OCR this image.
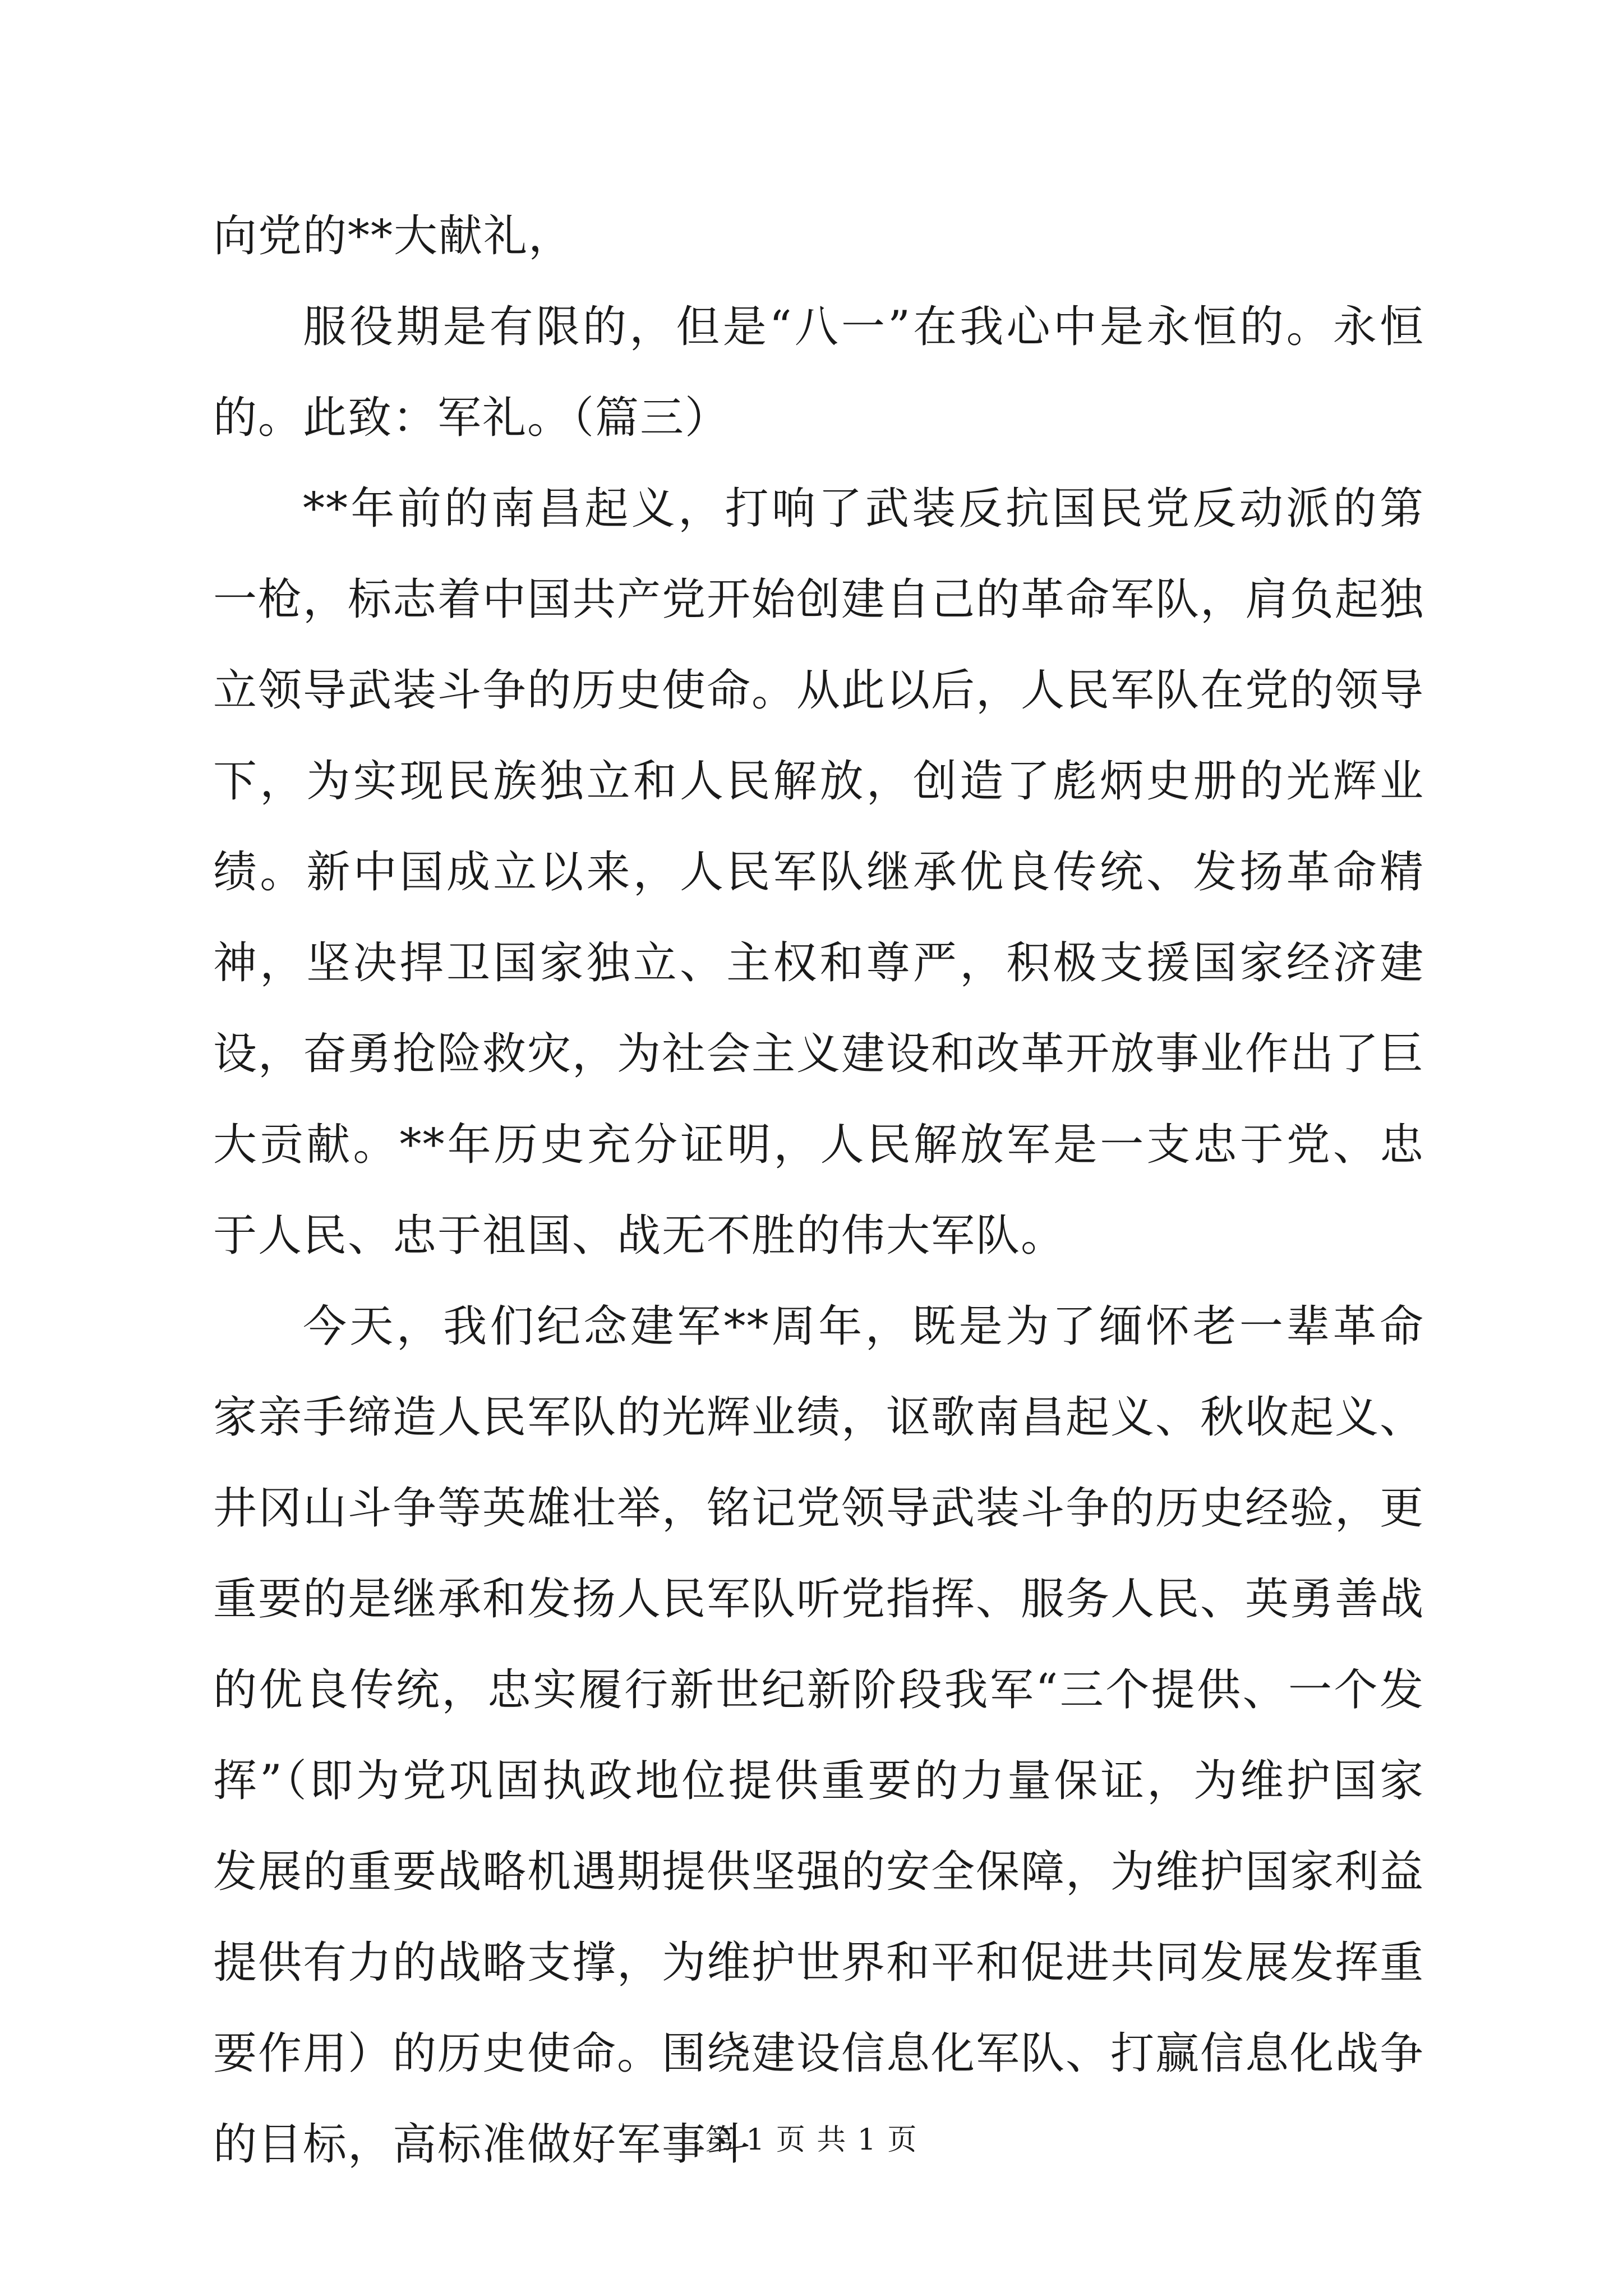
向党的**大献礼，

服役期是有限的，但是“八一”在我心中是永恒的。永恒的。此致：军礼。（篇三）

**年前的南昌起义，打响了武装反抗国民党反动派的第一枪，标志着中国共产党开始创建自己的革命军队，肩负起独立领导武装斗争的历史使命。从此以后，人民军队在党的领导下，为实现民族独立和人民解放，创造了彪炳史册的光辉业绩。新中国成立以来，人民军队继承优良传统、发扬革命精神，坚决捍卫国家独立、主权和尊严，积极支援国家经济建设，奋勇抢险救灾，为社会主义建设和改革开放事业作出了巨大贡献。**年历史充分证明，人民解放军是一支忠于党、忠于人民、忠于祖国、战无不胜的伟大军队。

今天，我们纪念建军**周年，既是为了缅怀老一辈革命家亲手缔造人民军队的光辉业绩，讴歌南昌起义、秋收起义、井冈山斗争等英雄壮举，铭记党领导武装斗争的历史经验，更重要的是继承和发扬人民军队听党指挥、服务人民、英勇善战的优良传统，忠实履行新世纪新阶段我军“三个提供、一个发挥”（即为党巩固执政地位提供重要的力量保证，为维护国家发展的重要战略机遇期提供坚强的安全保障，为维护国家利益提供有力的战略支撑，为维护世界和平和促进共同发展发挥重要作用）的历史使命。围绕建设信息化军队、打赢信息化战争的目标，高标准做好军事斗

第 1 页 共 1 页
